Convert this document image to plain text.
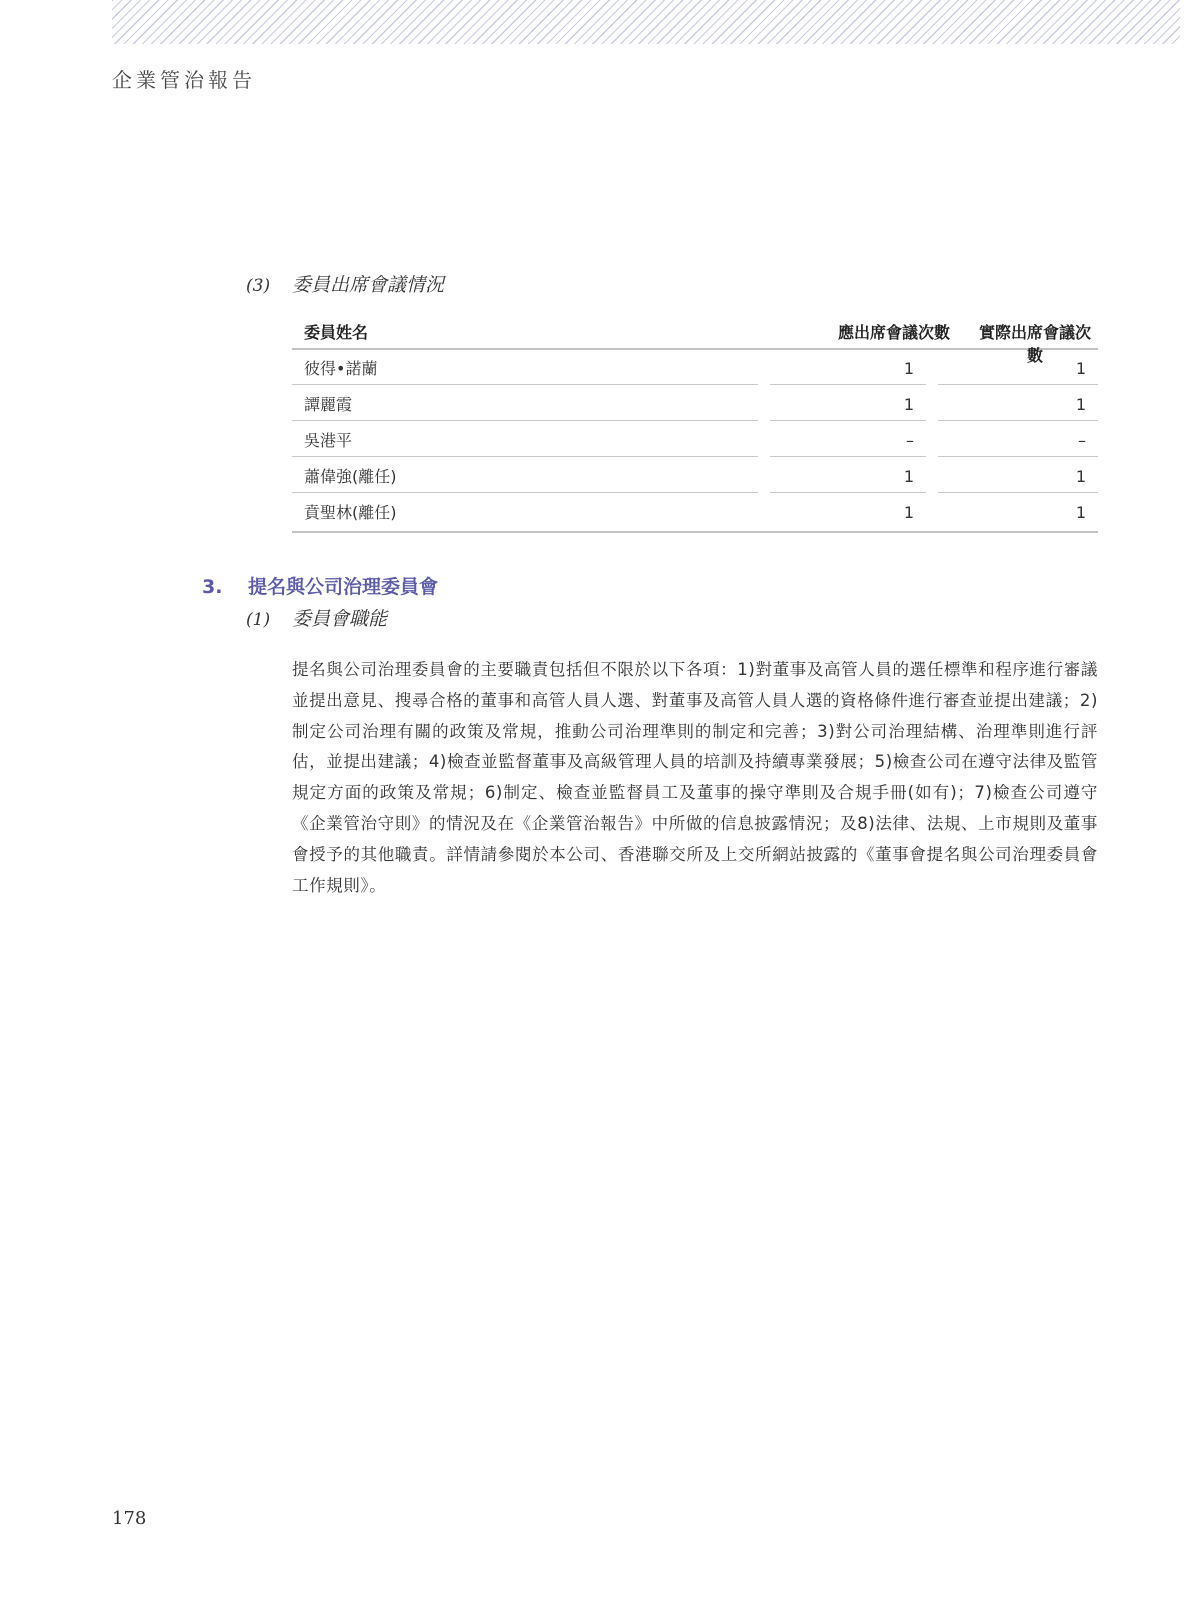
企業管治報告
(3) 委員出席會議情況
委員姓名	應出席會議次數	實際出席會議次數
彼得•諾蘭	1	1
譚麗霞	1	1
吳港平	–	–
蕭偉強(離任)	1	1
賁聖林(離任)	1	1
3. 提名與公司治理委員會
(1) 委員會職能
提名與公司治理委員會的主要職責包括但不限於以下各項：1)對董事及高管人員的選任標準和程序進行審議並提出意見、搜尋合格的董事和高管人員人選、對董事及高管人員人選的資格條件進行審查並提出建議；2)制定公司治理有關的政策及常規，推動公司治理準則的制定和完善；3)對公司治理結構、治理準則進行評估，並提出建議；4)檢查並監督董事及高級管理人員的培訓及持續專業發展；5)檢查公司在遵守法律及監管規定方面的政策及常規；6)制定、檢查並監督員工及董事的操守準則及合規手冊(如有)；7)檢查公司遵守《企業管治守則》的情況及在《企業管治報告》中所做的信息披露情況；及8)法律、法規、上市規則及董事會授予的其他職責。詳情請參閱於本公司、香港聯交所及上交所網站披露的《董事會提名與公司治理委員會工作規則》。
178
